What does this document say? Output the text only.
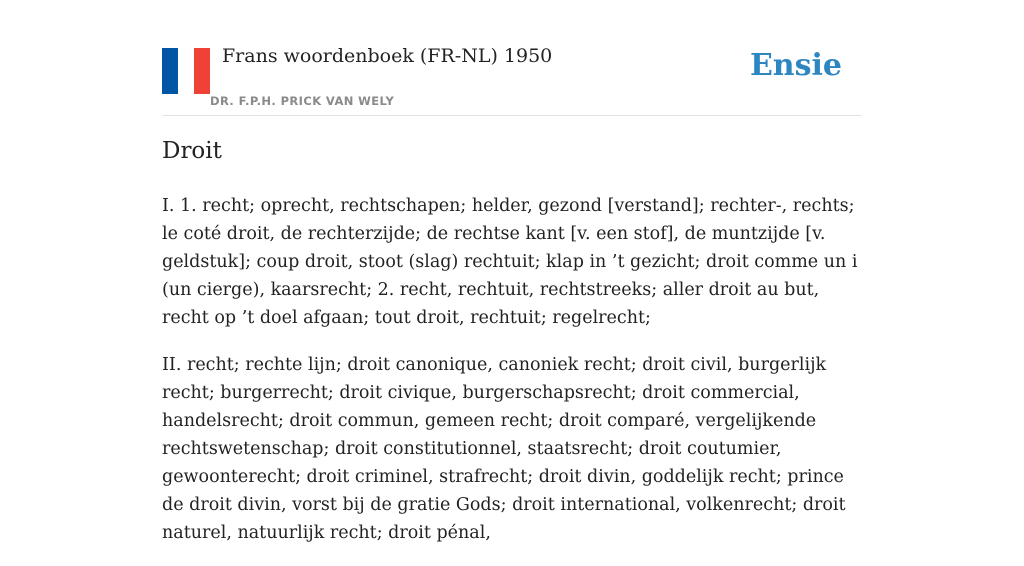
Frans woordenboek (FR-NL) 1950
DR. F.P.H. PRICK VAN WELY
Ensie
Droit

I. 1. recht; oprecht, rechtschapen; helder, gezond [verstand]; rechter-, rechts; le coté droit, de rechterzijde; de rechtse kant [v. een stof], de muntzijde [v. geldstuk]; coup droit, stoot (slag) rechtuit; klap in ’t gezicht; droit comme un i (un cierge), kaarsrecht; 2. recht, rechtuit, rechtstreeks; aller droit au but, recht op ’t doel afgaan; tout droit, rechtuit; regelrecht;

II. recht; rechte lijn; droit canonique, canoniek recht; droit civil, burgerlijk recht; burgerrecht; droit civique, burgerschapsrecht; droit commercial, handelsrecht; droit commun, gemeen recht; droit comparé, vergelijkende rechtswetenschap; droit constitutionnel, staatsrecht; droit coutumier, gewoonterecht; droit criminel, strafrecht; droit divin, goddelijk recht; prince de droit divin, vorst bij de gratie Gods; droit international, volkenrecht; droit naturel, natuurlijk recht; droit pénal,
